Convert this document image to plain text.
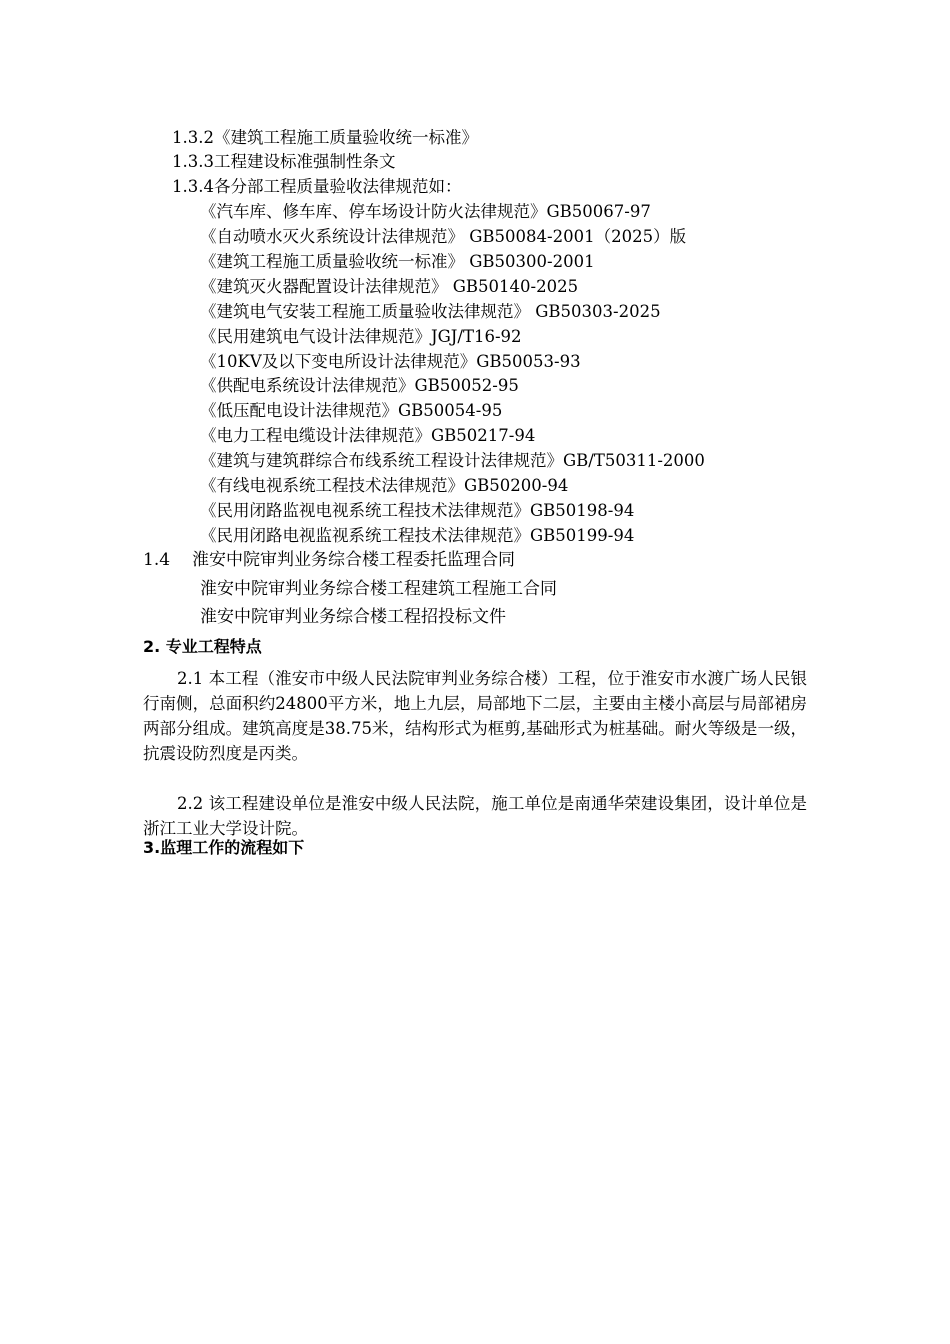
1.3.2《建筑工程施工质量验收统一标准》
1.3.3工程建设标准强制性条文
1.3.4各分部工程质量验收法律规范如：
《汽车库、修车库、停车场设计防火法律规范》GB50067-97
《自动喷水灭火系统设计法律规范》 GB50084-2001（2025）版
《建筑工程施工质量验收统一标准》 GB50300-2001
《建筑灭火器配置设计法律规范》 GB50140-2025
《建筑电气安装工程施工质量验收法律规范》 GB50303-2025
《民用建筑电气设计法律规范》JGJ/T16-92
《10KV及以下变电所设计法律规范》GB50053-93
《供配电系统设计法律规范》GB50052-95
《低压配电设计法律规范》GB50054-95
《电力工程电缆设计法律规范》GB50217-94
《建筑与建筑群综合布线系统工程设计法律规范》GB/T50311-2000
《有线电视系统工程技术法律规范》GB50200-94
《民用闭路监视电视系统工程技术法律规范》GB50198-94
《民用闭路电视监视系统工程技术法律规范》GB50199-94
1.4 淮安中院审判业务综合楼工程委托监理合同
淮安中院审判业务综合楼工程建筑工程施工合同
淮安中院审判业务综合楼工程招投标文件
2. 专业工程特点

2.1 本工程（淮安市中级人民法院审判业务综合楼）工程，位于淮安市水渡广场人民银行南侧，总面积约24800平方米，地上九层，局部地下二层，主要由主楼小高层与局部裙房两部分组成。建筑高度是38.75米，结构形式为框剪,基础形式为桩基础。耐火等级是一级，抗震设防烈度是丙类。

2.2 该工程建设单位是淮安中级人民法院，施工单位是南通华荣建设集团，设计单位是浙江工业大学设计院。

3.监理工作的流程如下
